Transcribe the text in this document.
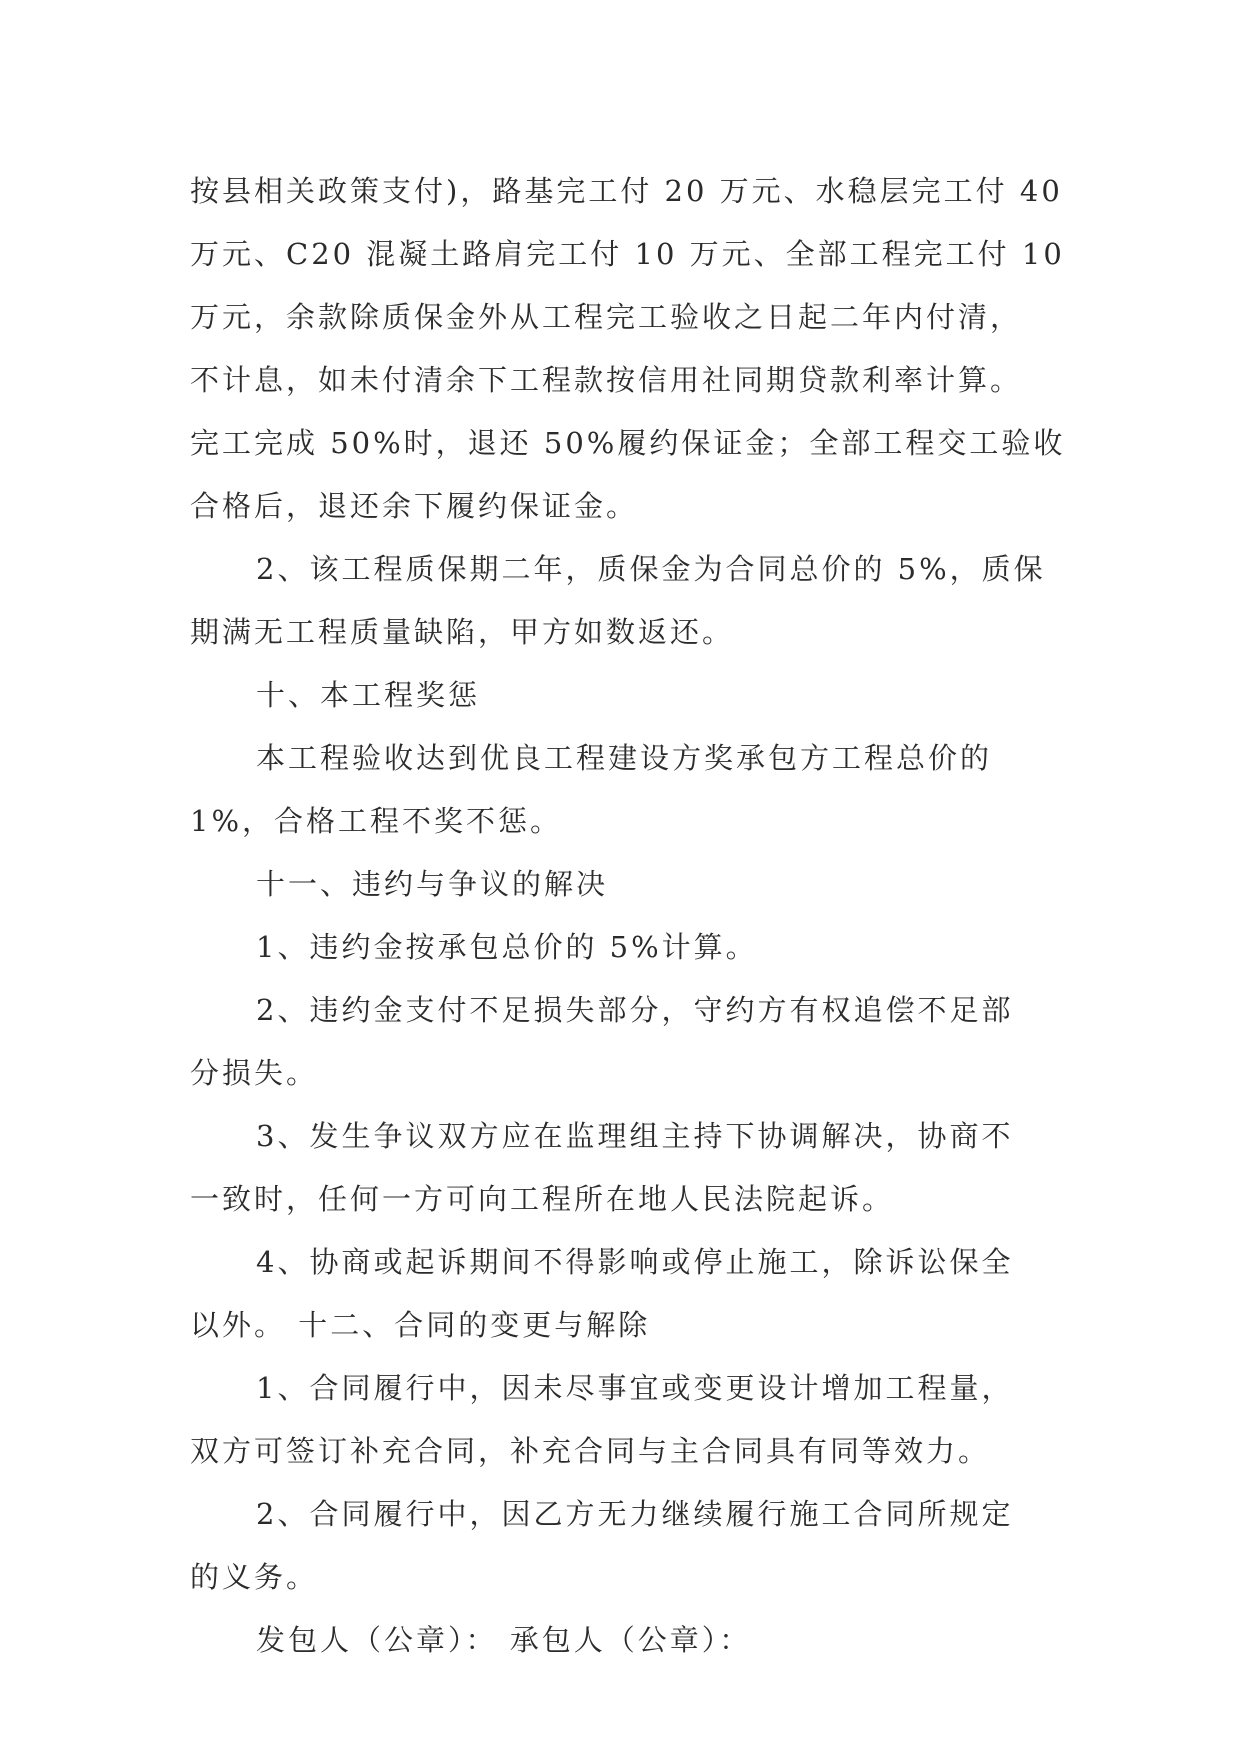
按县相关政策支付)，路基完工付 20 万元、水稳层完工付 40
万元、C20 混凝土路肩完工付 10 万元、全部工程完工付 10
万元，余款除质保金外从工程完工验收之日起二年内付清，
不计息，如未付清余下工程款按信用社同期贷款利率计算。
完工完成 50%时，退还 50%履约保证金；全部工程交工验收
合格后，退还余下履约保证金。
2、该工程质保期二年，质保金为合同总价的 5%，质保
期满无工程质量缺陷，甲方如数返还。
十、本工程奖惩
本工程验收达到优良工程建设方奖承包方工程总价的
1%，合格工程不奖不惩。
十一、违约与争议的解决
1、违约金按承包总价的 5%计算。
2、违约金支付不足损失部分，守约方有权追偿不足部
分损失。
3、发生争议双方应在监理组主持下协调解决，协商不
一致时，任何一方可向工程所在地人民法院起诉。
4、协商或起诉期间不得影响或停止施工，除诉讼保全
以外。 十二、合同的变更与解除
1、合同履行中，因未尽事宜或变更设计增加工程量，
双方可签订补充合同，补充合同与主合同具有同等效力。
2、合同履行中，因乙方无力继续履行施工合同所规定
的义务。
发包人（公章）： 承包人（公章）：
